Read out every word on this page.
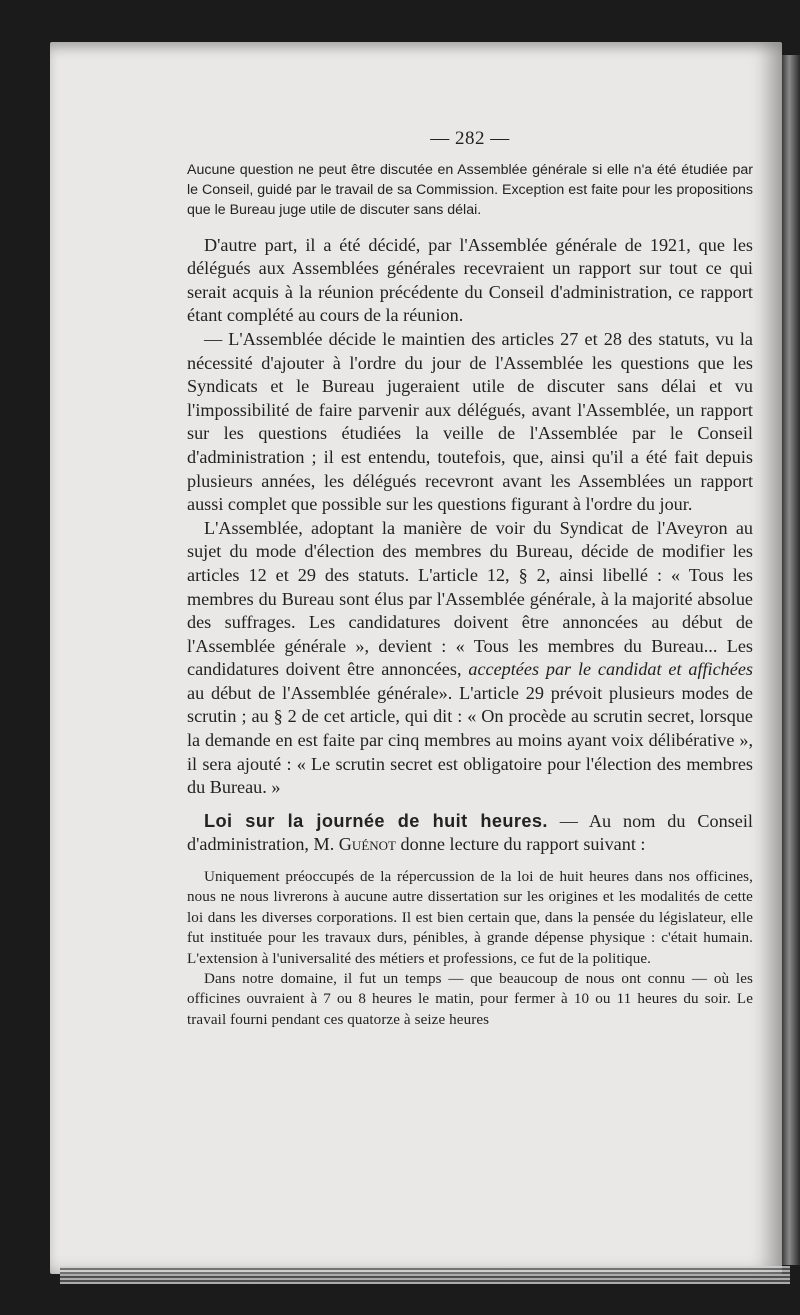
— 282 —

Aucune question ne peut être discutée en Assemblée générale si elle n'a été étudiée par le Conseil, guidé par le travail de sa Commission. Exception est faite pour les propositions que le Bureau juge utile de discuter sans délai.

D'autre part, il a été décidé, par l'Assemblée générale de 1921, que les délégués aux Assemblées générales recevraient un rapport sur tout ce qui serait acquis à la réunion précédente du Conseil d'administration, ce rapport étant complété au cours de la réunion.

— L'Assemblée décide le maintien des articles 27 et 28 des statuts, vu la nécessité d'ajouter à l'ordre du jour de l'Assemblée les questions que les Syndicats et le Bureau jugeraient utile de discuter sans délai et vu l'impossibilité de faire parvenir aux délégués, avant l'Assemblée, un rapport sur les questions étudiées la veille de l'Assemblée par le Conseil d'administration ; il est entendu, toutefois, que, ainsi qu'il a été fait depuis plusieurs années, les délégués recevront avant les Assemblées un rapport aussi complet que possible sur les questions figurant à l'ordre du jour.

L'Assemblée, adoptant la manière de voir du Syndicat de l'Aveyron au sujet du mode d'élection des membres du Bureau, décide de modifier les articles 12 et 29 des statuts. L'article 12, § 2, ainsi libellé : « Tous les membres du Bureau sont élus par l'Assemblée générale, à la majorité absolue des suffrages. Les candidatures doivent être annoncées au début de l'Assemblée générale », devient : « Tous les membres du Bureau... Les candidatures doivent être annoncées, acceptées par le candidat et affichées au début de l'Assemblée générale». L'article 29 prévoit plusieurs modes de scrutin ; au § 2 de cet article, qui dit : « On procède au scrutin secret, lorsque la demande en est faite par cinq membres au moins ayant voix délibérative », il sera ajouté : « Le scrutin secret est obligatoire pour l'élection des membres du Bureau. »

Loi sur la journée de huit heures. — Au nom du Conseil d'administration, M. Guénot donne lecture du rapport suivant :

Uniquement préoccupés de la répercussion de la loi de huit heures dans nos officines, nous ne nous livrerons à aucune autre dissertation sur les origines et les modalités de cette loi dans les diverses corporations. Il est bien certain que, dans la pensée du législateur, elle fut instituée pour les travaux durs, pénibles, à grande dépense physique : c'était humain. L'extension à l'universalité des métiers et professions, ce fut de la politique.

Dans notre domaine, il fut un temps — que beaucoup de nous ont connu — où les officines ouvraient à 7 ou 8 heures le matin, pour fermer à 10 ou 11 heures du soir. Le travail fourni pendant ces quatorze à seize heures
